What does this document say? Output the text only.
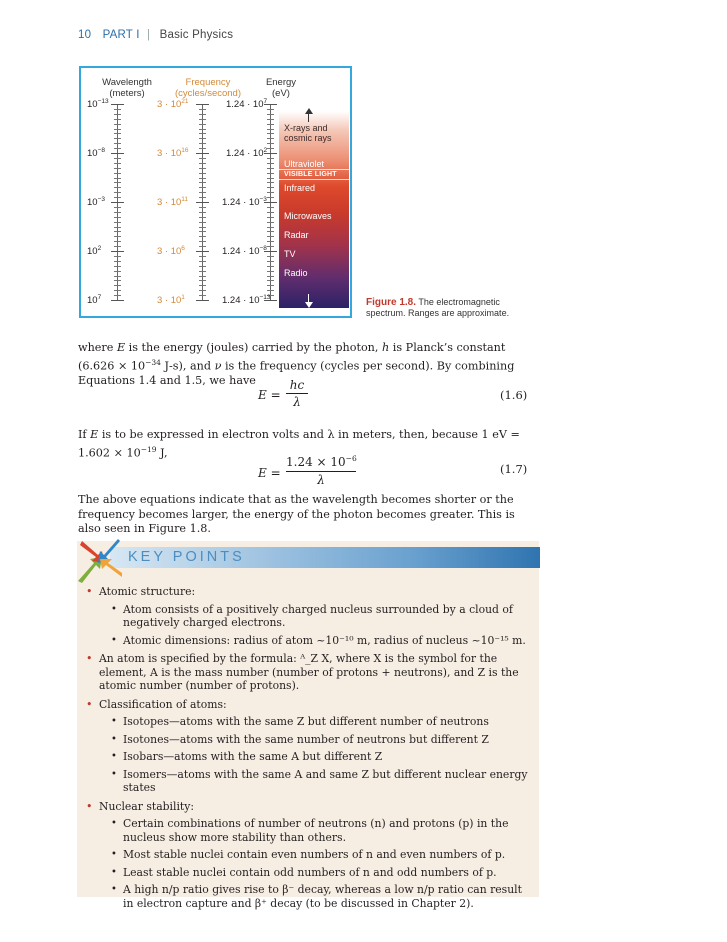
10 PART I | Basic Physics
Wavelength
(meters)
Frequency
(cycles/second)
Energy
(eV)
$10^{-13}$
$10^{-8}$
$10^{-3}$
$10^2$
$10^7$
$3 \cdot 10^{21}$
$3 \cdot 10^{16}$
$3 \cdot 10^{11}$
$3 \cdot 10^6$
$3 \cdot 10^1$
$1.24 \cdot 10^7$
$1.24 \cdot 10^2$
$1.24 \cdot 10^{-3}$
$1.24 \cdot 10^{-8}$
$1.24 \cdot 10^{-13}$
X-rays and
cosmic rays
Ultraviolet
VISIBLE LIGHT
Infrared
Microwaves
Radar
TV
Radio
Figure 1.8. The electromagnetic spectrum. Ranges are approximate.
where E is the energy (joules) carried by the photon, h is Planck’s constant ($6.626 \times 10^{-34}$ J-s), and ν is the frequency (cycles per second). By combining Equations 1.4 and 1.5, we have
E =
hc
λ	(1.6)
If E is to be expressed in electron volts and λ in meters, then, because 1 eV = $1.602 \times 10^{-19}$ J,
E =
$1.24 \times 10^{-6}$
λ
(1.7)
The above equations indicate that as the wavelength becomes shorter or the frequency becomes larger, the energy of the photon becomes greater. This is also seen in Figure 1.8.
KEY POINTS
• Atomic structure:
• Atom consists of a positively charged nucleus surrounded by a cloud of negatively charged electrons.
• Atomic dimensions: radius of atom ~10⁻¹⁰ m, radius of nucleus ~10⁻¹⁵ m.
• An atom is specified by the formula: ᴬ_Z X, where X is the symbol for the element, A is the mass number (number of protons + neutrons), and Z is the atomic number (number of protons).
• Classification of atoms:
• Isotopes—atoms with the same Z but different number of neutrons
• Isotones—atoms with the same number of neutrons but different Z
• Isobars—atoms with the same A but different Z
• Isomers—atoms with the same A and same Z but different nuclear energy states
• Nuclear stability:
• Certain combinations of number of neutrons (n) and protons (p) in the nucleus show more stability than others.
• Most stable nuclei contain even numbers of n and even numbers of p.
• Least stable nuclei contain odd numbers of n and odd numbers of p.
• A high n/p ratio gives rise to β⁻ decay, whereas a low n/p ratio can result in electron capture and β⁺ decay (to be discussed in Chapter 2).
